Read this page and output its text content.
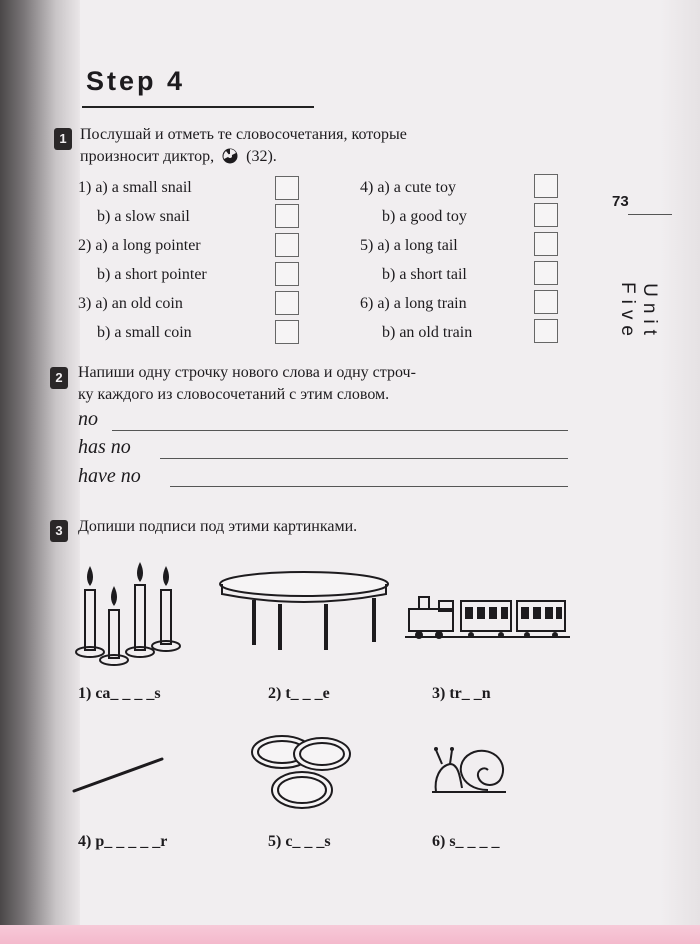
Step 4
73
Unit Five
1 Послушай и отметь те словосочетания, которые
произносит диктор, (32).
1) a) a small snail
b) a slow snail
2) a) a long pointer
b) a short pointer
3) a) an old coin
b) a small coin
4) a) a cute toy
b) a good toy
5) a) a long tail
b) a short tail
6) a) a long train
b) an old train
2 Напиши одну строчку нового слова и одну строч-
ку каждого из словосочетаний с этим словом.
no
has no
have no
3 Допиши подписи под этими картинками.
1) ca_ _ _ _s	2) t_ _ _e	3) tr_ _n
4) p_ _ _ _ _r	5) c_ _ _s	6) s_ _ _ _
